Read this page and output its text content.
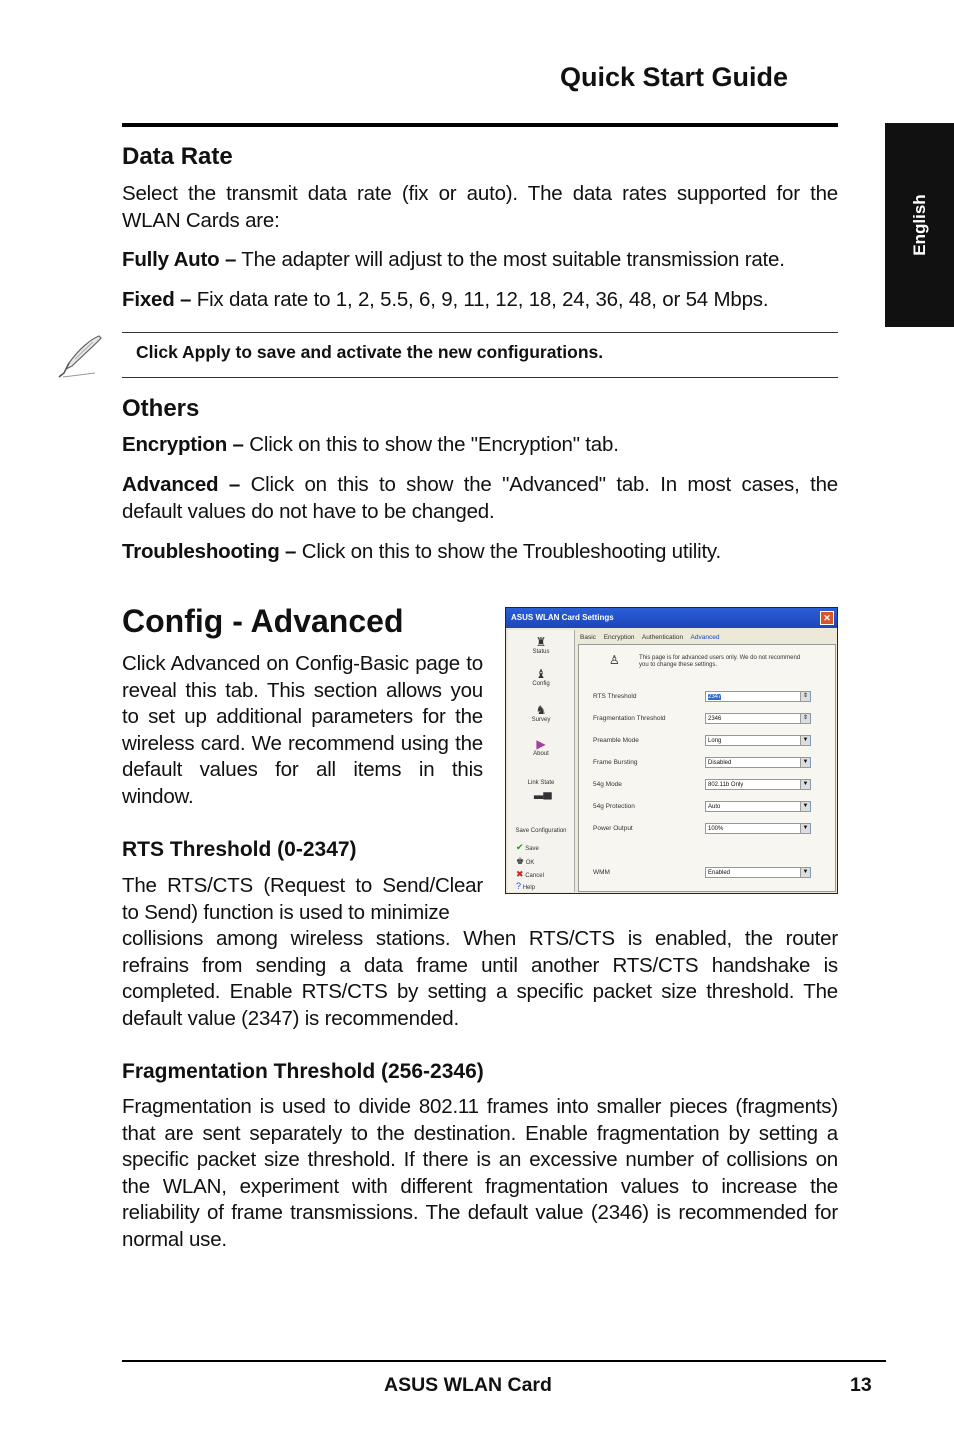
Quick Start Guide
English
Data Rate

Select the transmit data rate (fix or auto). The data rates supported for the WLAN Cards are:

Fully Auto – The adapter will adjust to the most suitable transmission rate.

Fixed – Fix data rate to 1, 2, 5.5, 6, 9, 11, 12, 18, 24, 36, 48, or 54 Mbps.

Click Apply to save and activate the new configurations.
Others

Encryption – Click on this to show the "Encryption" tab.

Advanced – Click on this to show the "Advanced" tab. In most cases, the default values do not have to be changed.

Troubleshooting – Click on this to show the Troubleshooting utility.

Config - Advanced

Click Advanced on Config-Basic page to reveal this tab. This section allows you to set up additional parameters for the wireless card. We recommend using the default values for all items in this window.

RTS Threshold (0-2347)

The RTS/CTS (Request to Send/Clear to Send) function is used to minimize

collisions among wireless stations. When RTS/CTS is enabled, the router refrains from sending a data frame until another RTS/CTS handshake is completed. Enable RTS/CTS by setting a specific packet size threshold. The default value (2347) is recommended.

Fragmentation Threshold (256-2346)

Fragmentation is used to divide 802.11 frames into smaller pieces (fragments) that are sent separately to the destination. Enable fragmentation by setting a specific packet size threshold. If there is an excessive number of collisions on the WLAN, experiment with different fragmentation values to increase the reliability of frame transmissions. The default value (2346) is recommended for normal use.

ASUS WLAN Card Settings	✕
♜
Status
♝
Config
♞
Survey
▶
About
Link State
▂▄
Save Configuration
✔ Save
♚ OK
✖ Cancel
? Help
Basic Encryption Authentication Advanced
♙	This page is for advanced users only. We do not recommend you to change these settings.
RTS Threshold	2347	⇕
Fragmentation Threshold	2346	⇕
Preamble Mode	Long	▼
Frame Bursting	Disabled	▼
54g Mode	802.11b Only	▼
54g Protection	Auto	▼
Power Output	100%	▼
WMM	Enabled	▼
ASUS WLAN Card	13
